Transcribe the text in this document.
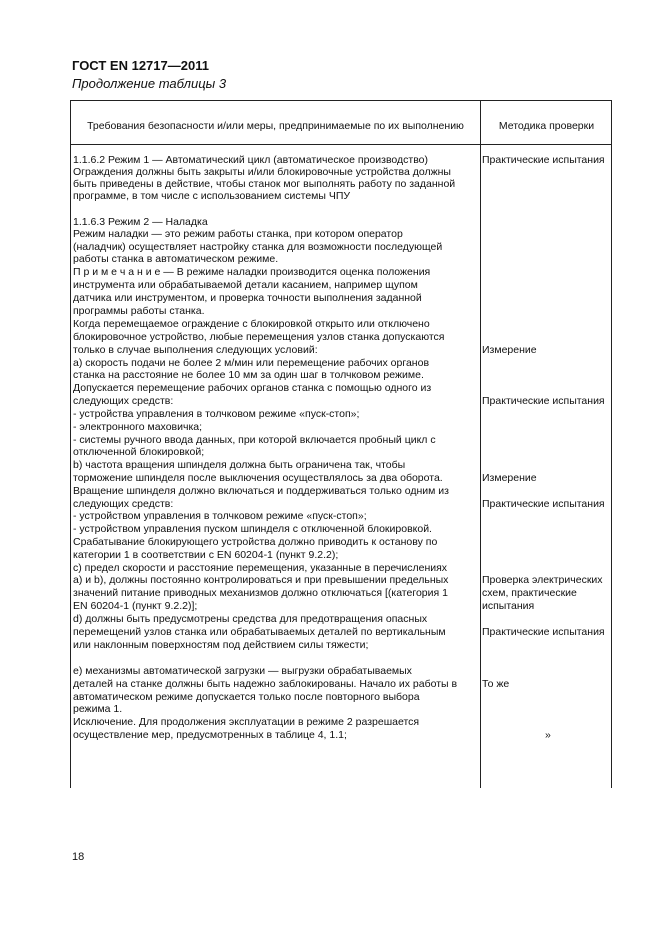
ГОСТ EN 12717—2011
Продолжение таблицы 3
Требования безопасности и/или меры, предпринимаемые по их выполнению	Методика проверки
1.1.6.2 Режим 1 — Автоматический цикл (автоматическое производство)
Ограждения должны быть закрыты и/или блокировочные устройства должны
быть приведены в действие, чтобы станок мог выполнять работу по заданной
программе, в том числе с использованием системы ЧПУ
1.1.6.3 Режим 2 — Наладка
Режим наладки — это режим работы станка, при котором оператор
(наладчик) осуществляет настройку станка для возможности последующей
работы станка в автоматическом режиме.
П р и м е ч а н и е — В режиме наладки производится оценка положения
инструмента или обрабатываемой детали касанием, например щупом
датчика или инструментом, и проверка точности выполнения заданной
программы работы станка.
Когда перемещаемое ограждение с блокировкой открыто или отключено
блокировочное устройство, любые перемещения узлов станка допускаются
только в случае выполнения следующих условий:
а) скорость подачи не более 2 м/мин или перемещение рабочих органов
станка на расстояние не более 10 мм за один шаг в толчковом режиме.
Допускается перемещение рабочих органов станка с помощью одного из
следующих средств:
- устройства управления в толчковом режиме «пуск-стоп»;
- электронного маховичка;
- системы ручного ввода данных, при которой включается пробный цикл с
отключенной блокировкой;
b) частота вращения шпинделя должна быть ограничена так, чтобы
торможение шпинделя после выключения осуществлялось за два оборота.
Вращение шпинделя должно включаться и поддерживаться только одним из
следующих средств:
- устройством управления в толчковом режиме «пуск-стоп»;
- устройством управления пуском шпинделя с отключенной блокировкой.
Срабатывание блокирующего устройства должно приводить к останову по
категории 1 в соответствии с EN 60204-1 (пункт 9.2.2);
с) предел скорости и расстояние перемещения, указанные в перечислениях
а) и b), должны постоянно контролироваться и при превышении предельных
значений питание приводных механизмов должно отключаться [(категория 1
EN 60204-1 (пункт 9.2.2)];
d) должны быть предусмотрены средства для предотвращения опасных
перемещений узлов станка или обрабатываемых деталей по вертикальным
или наклонным поверхностям под действием силы тяжести;
е) механизмы автоматической загрузки — выгрузки обрабатываемых
деталей на станке должны быть надежно заблокированы. Начало их работы в
автоматическом режиме допускается только после повторного выбора
режима 1.
Исключение. Для продолжения эксплуатации в режиме 2 разрешается
осуществление мер, предусмотренных в таблице 4, 1.1;
Практические испытания
Измерение
Практические испытания
Измерение
Практические испытания
Проверка электрических
схем, практические
испытания
Практические испытания
То же
»
18
